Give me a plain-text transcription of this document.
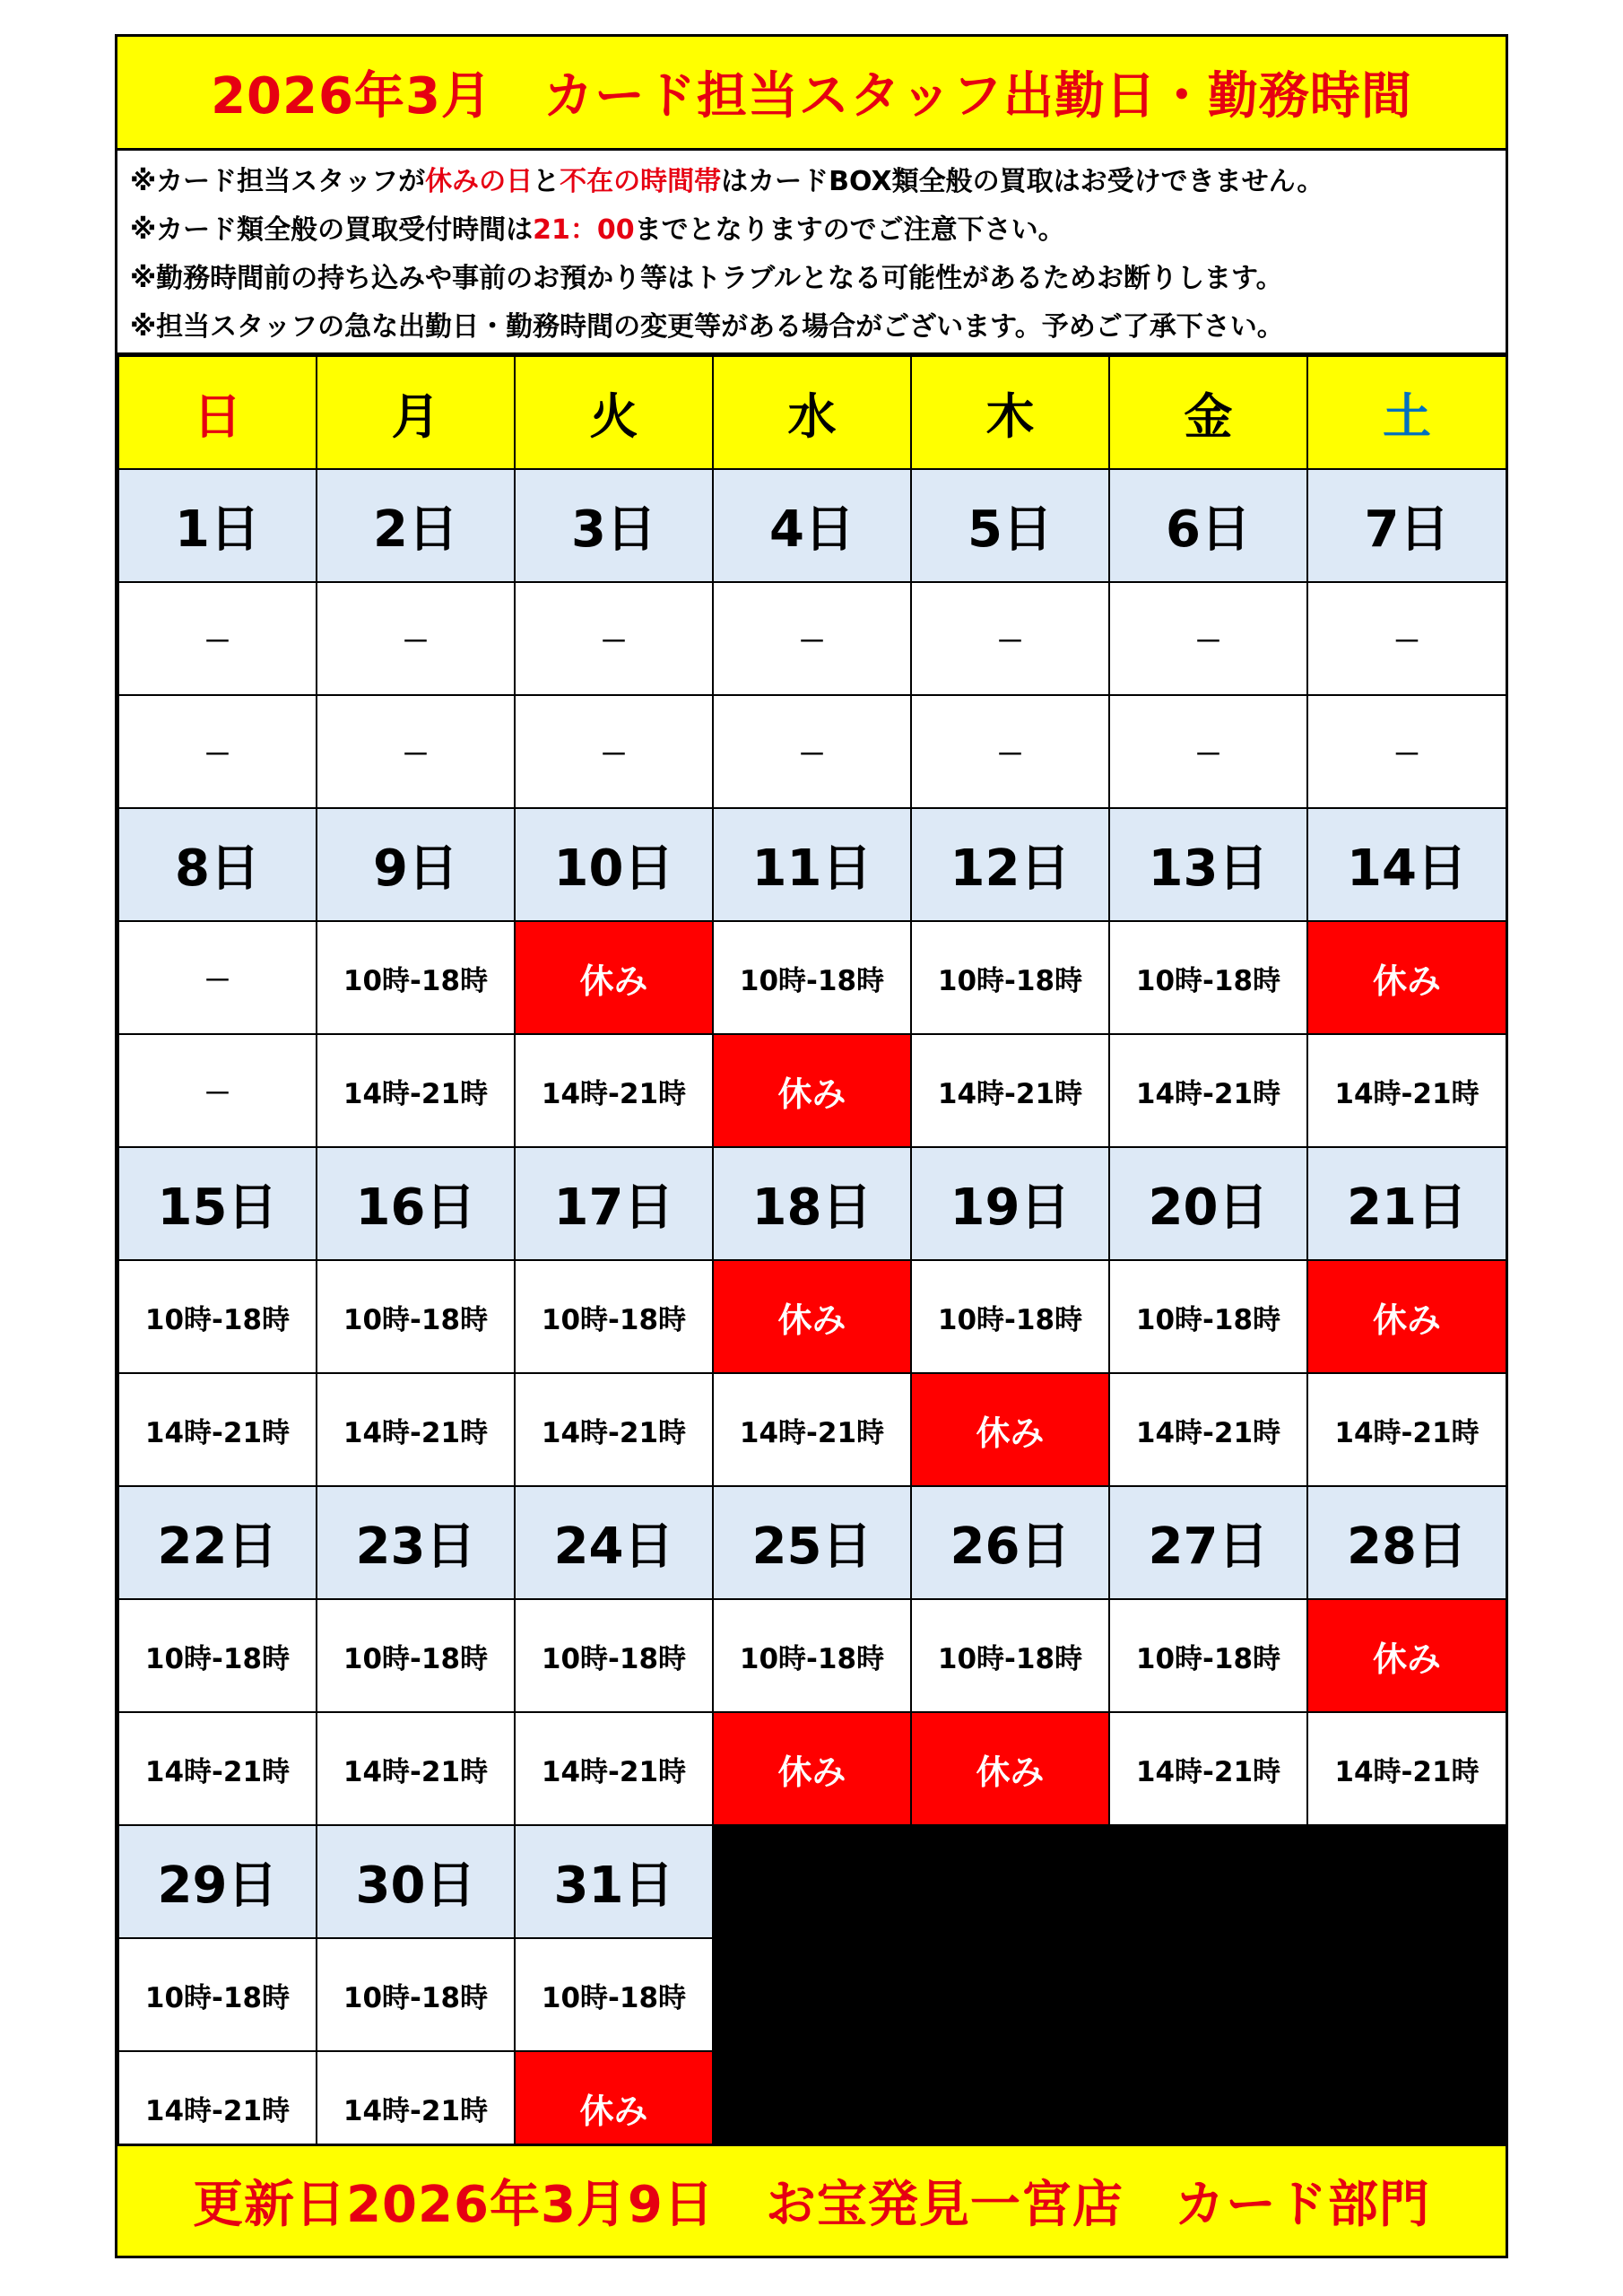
2026年3月　カード担当スタッフ出勤日・勤務時間
※カード担当スタッフが休みの日と不在の時間帯はカードBOX類全般の買取はお受けできません。
※カード類全般の買取受付時間は21：00までとなりますのでご注意下さい。
※勤務時間前の持ち込みや事前のお預かり等はトラブルとなる可能性があるためお断りします。
※担当スタッフの急な出勤日・勤務時間の変更等がある場合がございます。予めご了承下さい。
日	月	火	水	木	金	土
1日	2日	3日	4日	5日	6日	7日
－	－	－	－	－	－	－
－	－	－	－	－	－	－
8日	9日	10日	11日	12日	13日	14日
－	10時-18時	休み	10時-18時	10時-18時	10時-18時	休み
－	14時-21時	14時-21時	休み	14時-21時	14時-21時	14時-21時
15日	16日	17日	18日	19日	20日	21日
10時-18時	10時-18時	10時-18時	休み	10時-18時	10時-18時	休み
14時-21時	14時-21時	14時-21時	14時-21時	休み	14時-21時	14時-21時
22日	23日	24日	25日	26日	27日	28日
10時-18時	10時-18時	10時-18時	10時-18時	10時-18時	10時-18時	休み
14時-21時	14時-21時	14時-21時	休み	休み	14時-21時	14時-21時
29日	30日	31日				
10時-18時	10時-18時	10時-18時				
14時-21時	14時-21時	休み				
更新日2026年3月9日　お宝発見一宮店　カード部門
